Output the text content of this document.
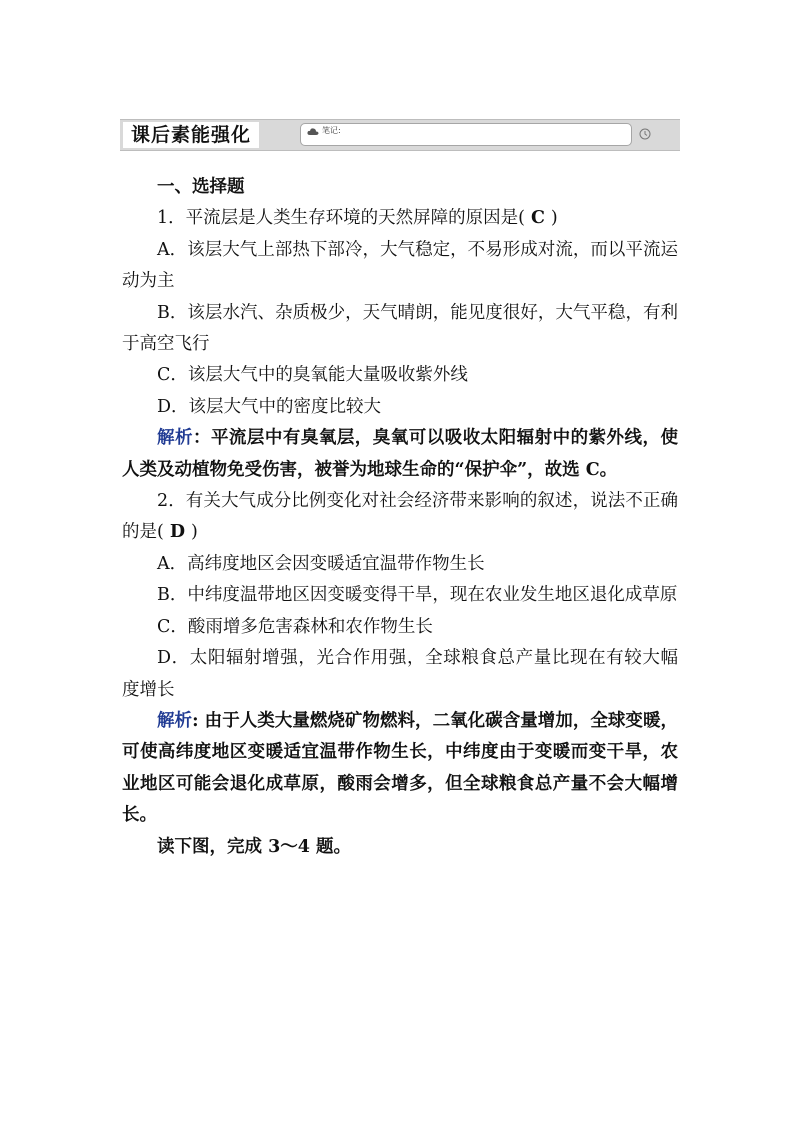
课后素能强化	笔记:

一、选择题

1．平流层是人类生存环境的天然屏障的原因是( C )

A．该层大气上部热下部冷，大气稳定，不易形成对流，而以平流运动为主

B．该层水汽、杂质极少，天气晴朗，能见度很好，大气平稳，有利于高空飞行

C．该层大气中的臭氧能大量吸收紫外线

D．该层大气中的密度比较大

解析：平流层中有臭氧层，臭氧可以吸收太阳辐射中的紫外线，使人类及动植物免受伤害，被誉为地球生命的“保护伞”，故选 C。

2．有关大气成分比例变化对社会经济带来影响的叙述，说法不正确的是( D )

A．高纬度地区会因变暖适宜温带作物生长

B．中纬度温带地区因变暖变得干旱，现在农业发生地区退化成草原

C．酸雨增多危害森林和农作物生长

D．太阳辐射增强，光合作用强，全球粮食总产量比现在有较大幅度增长

解析: 由于人类大量燃烧矿物燃料，二氧化碳含量增加，全球变暖，可使高纬度地区变暖适宜温带作物生长，中纬度由于变暖而变干旱，农业地区可能会退化成草原，酸雨会增多，但全球粮食总产量不会大幅增长。

读下图，完成 3～4 题。
